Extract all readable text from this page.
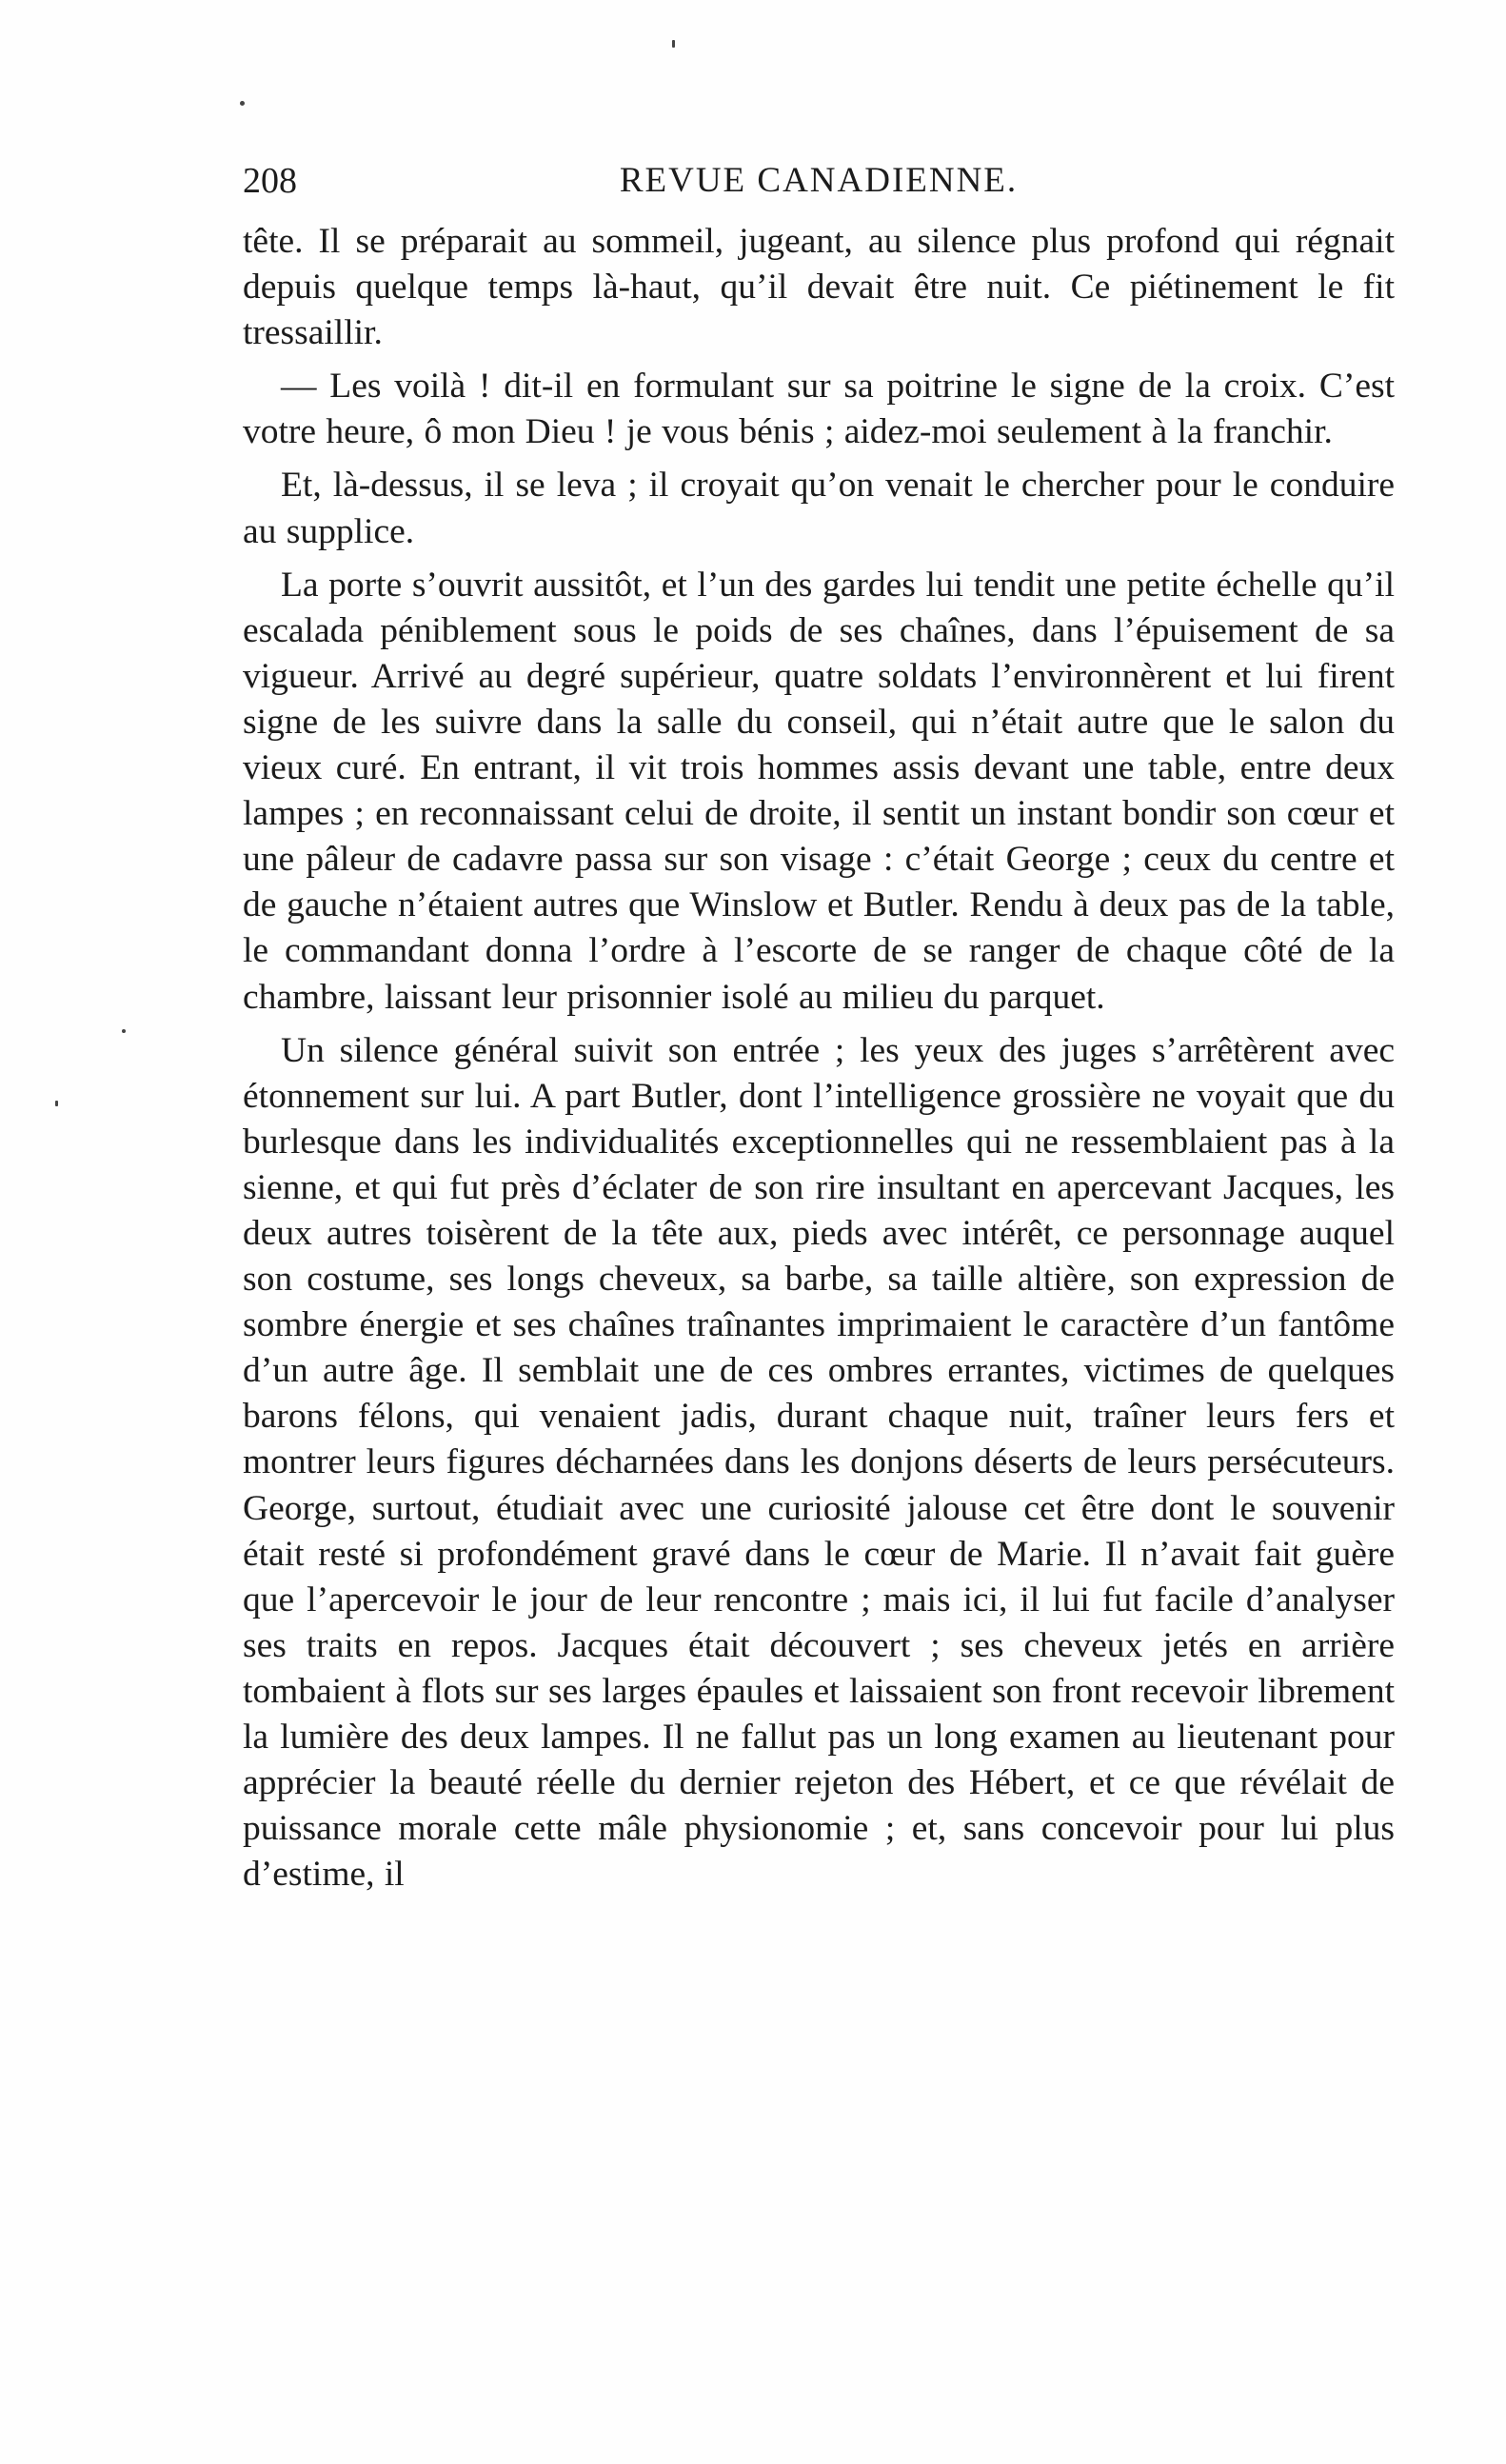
208	REVUE CANADIENNE.

tête. Il se préparait au sommeil, jugeant, au silence plus profond qui régnait depuis quelque temps là-haut, qu’il devait être nuit. Ce piétinement le fit tressaillir.

— Les voilà ! dit-il en formulant sur sa poitrine le signe de la croix. C’est votre heure, ô mon Dieu ! je vous bénis ; aidez-moi seulement à la franchir.

Et, là-dessus, il se leva ; il croyait qu’on venait le chercher pour le conduire au supplice.

La porte s’ouvrit aussitôt, et l’un des gardes lui tendit une petite échelle qu’il escalada péniblement sous le poids de ses chaînes, dans l’épuisement de sa vigueur. Arrivé au degré supérieur, quatre soldats l’environnèrent et lui firent signe de les suivre dans la salle du conseil, qui n’était autre que le salon du vieux curé. En entrant, il vit trois hommes assis devant une table, entre deux lampes ; en reconnaissant celui de droite, il sentit un instant bondir son cœur et une pâleur de cadavre passa sur son visage : c’était George ; ceux du centre et de gauche n’étaient autres que Winslow et Butler. Rendu à deux pas de la table, le commandant donna l’ordre à l’escorte de se ranger de chaque côté de la chambre, laissant leur prisonnier isolé au milieu du parquet.

Un silence général suivit son entrée ; les yeux des juges s’arrêtèrent avec étonnement sur lui. A part Butler, dont l’intelligence grossière ne voyait que du burlesque dans les individualités exceptionnelles qui ne ressemblaient pas à la sienne, et qui fut près d’éclater de son rire insultant en apercevant Jacques, les deux autres toisèrent de la tête aux, pieds avec intérêt, ce personnage auquel son costume, ses longs cheveux, sa barbe, sa taille altière, son expression de sombre énergie et ses chaînes traînantes imprimaient le caractère d’un fantôme d’un autre âge. Il semblait une de ces ombres errantes, victimes de quelques barons félons, qui venaient jadis, durant chaque nuit, traîner leurs fers et montrer leurs figures décharnées dans les donjons déserts de leurs persécuteurs. George, surtout, étudiait avec une curiosité jalouse cet être dont le souvenir était resté si profondément gravé dans le cœur de Marie. Il n’avait fait guère que l’apercevoir le jour de leur rencontre ; mais ici, il lui fut facile d’analyser ses traits en repos. Jacques était découvert ; ses cheveux jetés en arrière tombaient à flots sur ses larges épaules et laissaient son front recevoir librement la lumière des deux lampes. Il ne fallut pas un long examen au lieutenant pour apprécier la beauté réelle du dernier rejeton des Hébert, et ce que révélait de puissance morale cette mâle physionomie ; et, sans concevoir pour lui plus d’estime, il
